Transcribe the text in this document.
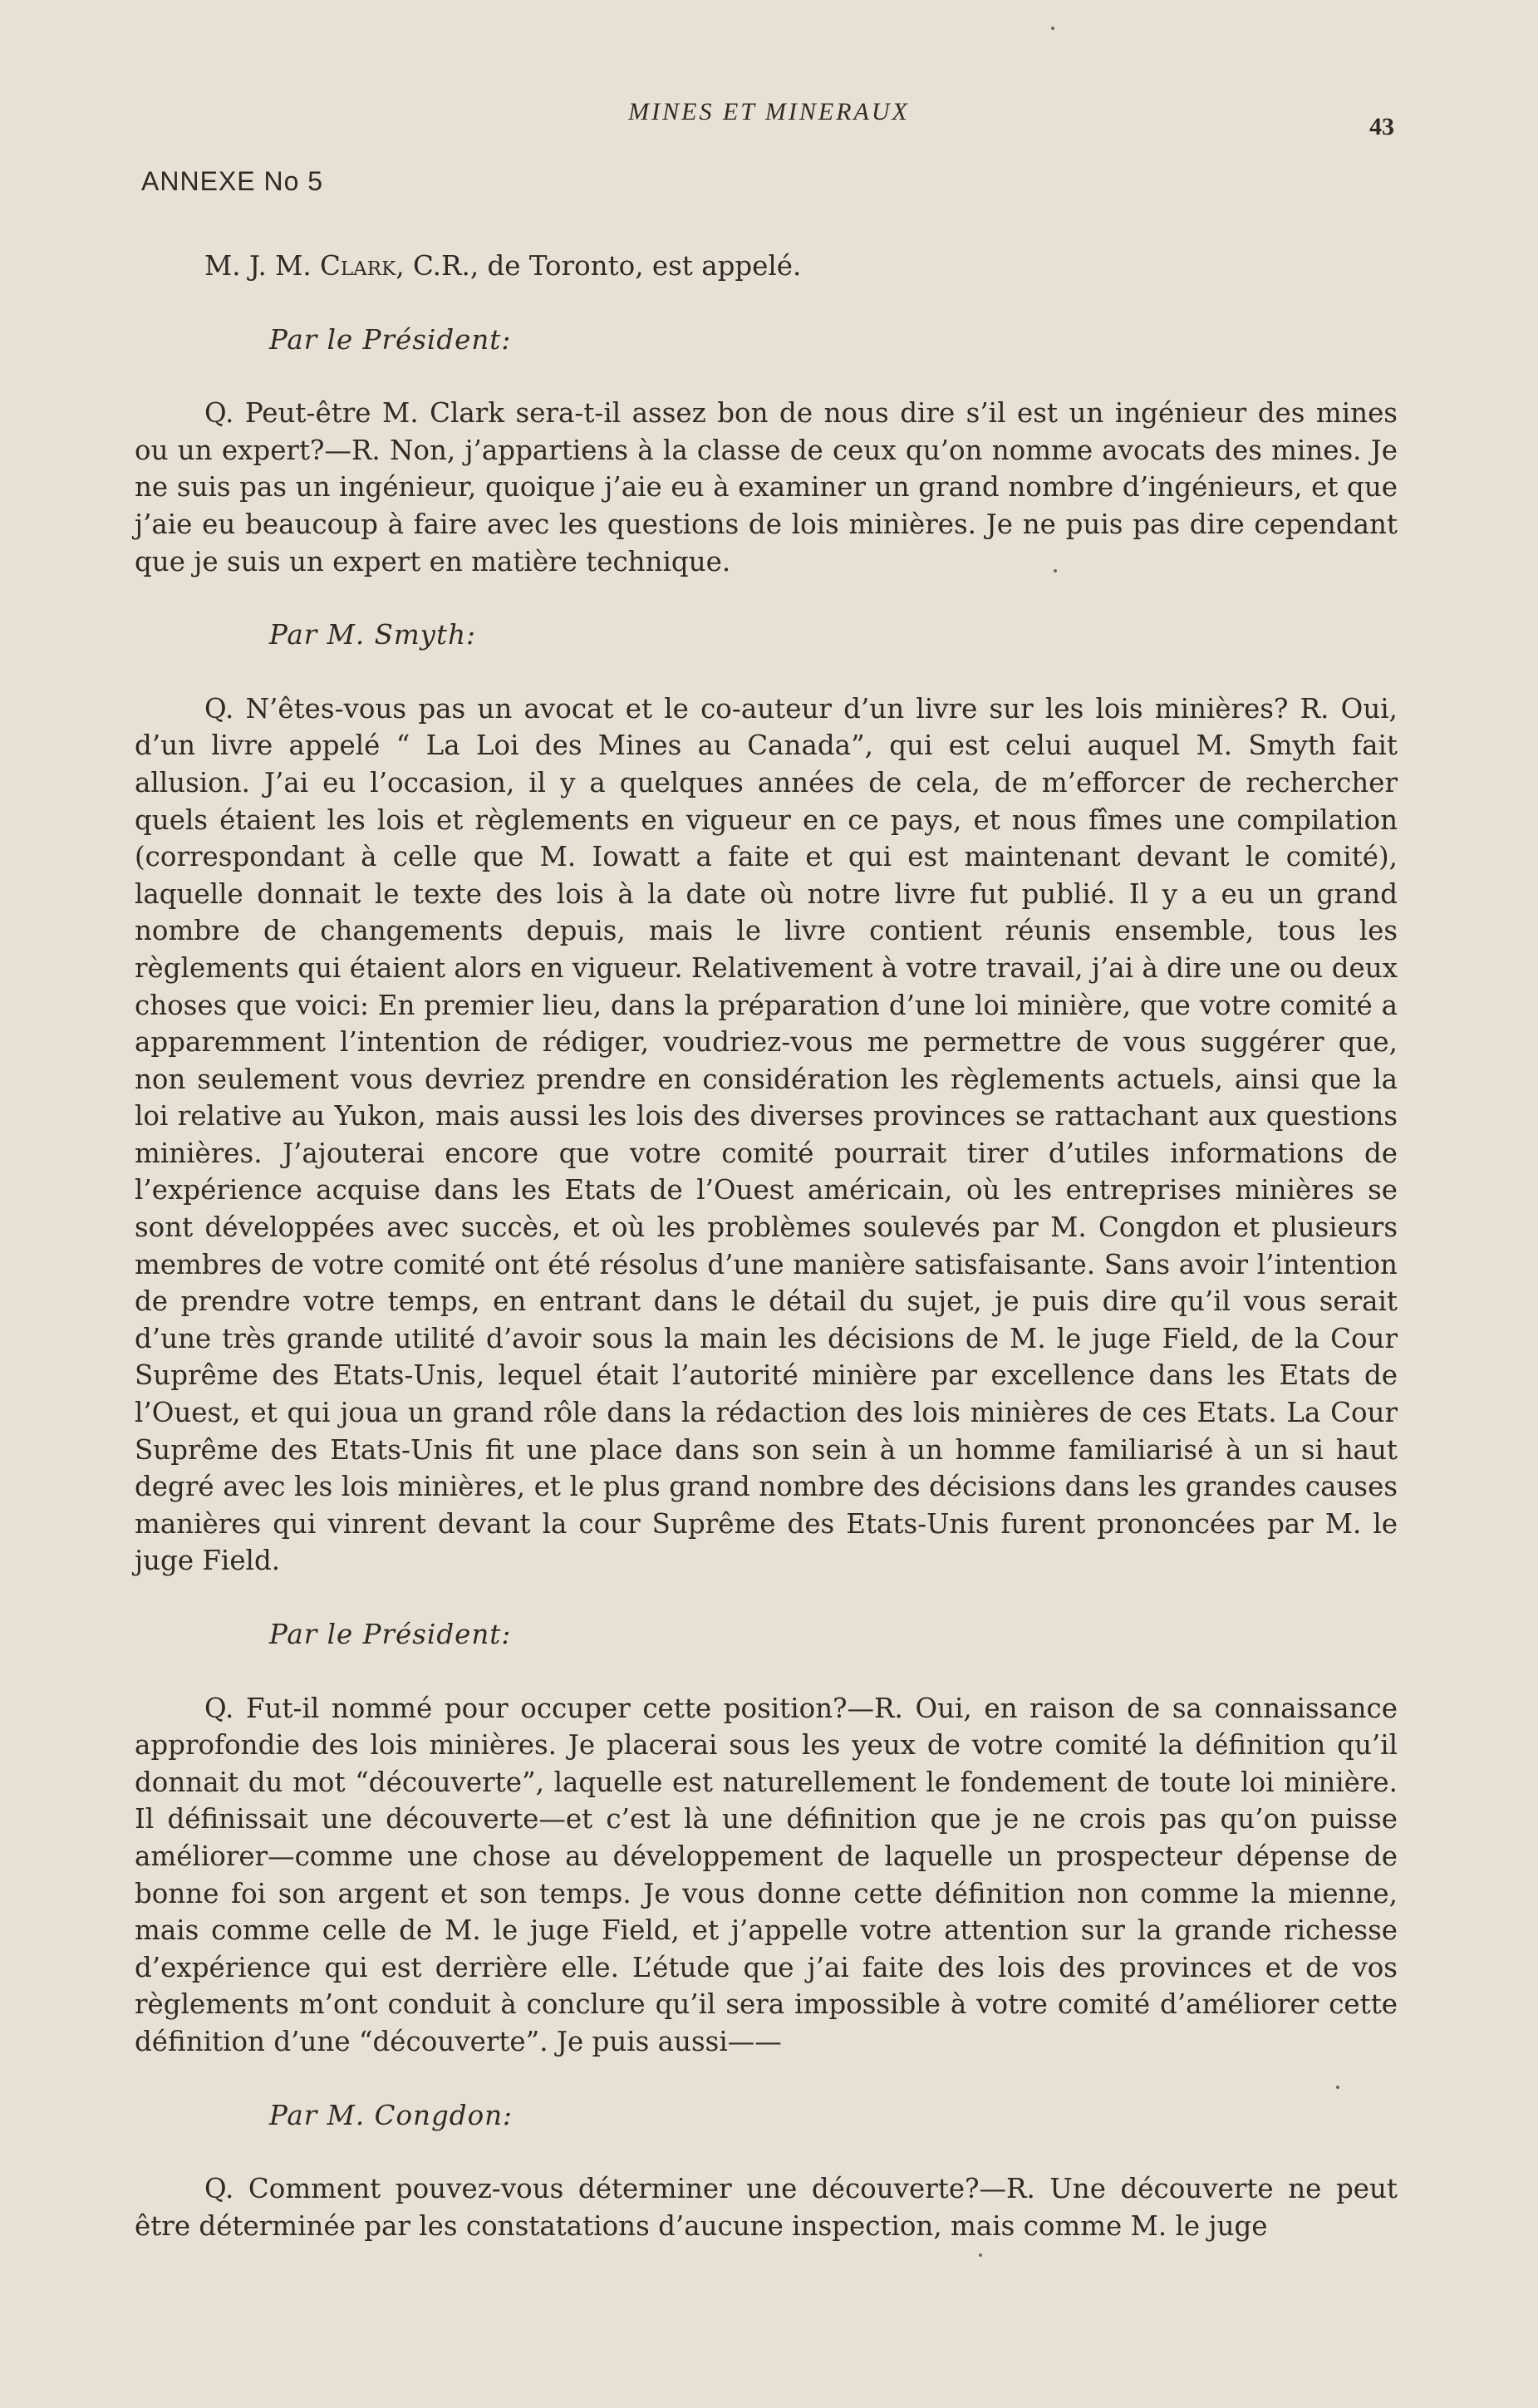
MINES ET MINERAUX
43
ANNEXE No 5

M. J. M. Clark, C.R., de Toronto, est appelé.

Par le Président:

Q. Peut-être M. Clark sera-t-il assez bon de nous dire s’il est un ingénieur des mines ou un expert?—R. Non, j’appartiens à la classe de ceux qu’on nomme avocats des mines. Je ne suis pas un ingénieur, quoique j’aie eu à examiner un grand nombre d’ingénieurs, et que j’aie eu beaucoup à faire avec les questions de lois minières. Je ne puis pas dire cependant que je suis un expert en matière technique.

Par M. Smyth:

Q. N’êtes-vous pas un avocat et le co-auteur d’un livre sur les lois minières? R. Oui, d’un livre appelé “ La Loi des Mines au Canada”, qui est celui auquel M. Smyth fait allusion. J’ai eu l’occasion, il y a quelques années de cela, de m’efforcer de rechercher quels étaient les lois et règlements en vigueur en ce pays, et nous fîmes une compilation (correspondant à celle que M. Iowatt a faite et qui est maintenant devant le comité), laquelle donnait le texte des lois à la date où notre livre fut publié. Il y a eu un grand nombre de changements depuis, mais le livre contient réunis ensemble, tous les règlements qui étaient alors en vigueur. Relativement à votre travail, j’ai à dire une ou deux choses que voici: En premier lieu, dans la préparation d’une loi minière, que votre comité a apparemment l’intention de rédiger, voudriez-vous me permettre de vous suggérer que, non seulement vous devriez prendre en considération les règlements actuels, ainsi que la loi relative au Yukon, mais aussi les lois des diverses provinces se rattachant aux questions minières. J’ajouterai encore que votre comité pourrait tirer d’utiles informations de l’expérience acquise dans les Etats de l’Ouest américain, où les entreprises minières se sont développées avec succès, et où les problèmes soulevés par M. Congdon et plusieurs membres de votre comité ont été résolus d’une manière satisfaisante. Sans avoir l’intention de prendre votre temps, en entrant dans le détail du sujet, je puis dire qu’il vous serait d’une très grande utilité d’avoir sous la main les décisions de M. le juge Field, de la Cour Suprême des Etats-Unis, lequel était l’autorité minière par excellence dans les Etats de l’Ouest, et qui joua un grand rôle dans la rédaction des lois minières de ces Etats. La Cour Suprême des Etats-Unis fit une place dans son sein à un homme familiarisé à un si haut degré avec les lois minières, et le plus grand nombre des décisions dans les grandes causes manières qui vinrent devant la cour Suprême des Etats-Unis furent prononcées par M. le juge Field.

Par le Président:

Q. Fut-il nommé pour occuper cette position?—R. Oui, en raison de sa connaissance approfondie des lois minières. Je placerai sous les yeux de votre comité la définition qu’il donnait du mot “découverte”, laquelle est naturellement le fondement de toute loi minière. Il définissait une découverte—et c’est là une définition que je ne crois pas qu’on puisse améliorer—comme une chose au développement de laquelle un prospecteur dépense de bonne foi son argent et son temps. Je vous donne cette définition non comme la mienne, mais comme celle de M. le juge Field, et j’appelle votre attention sur la grande richesse d’expérience qui est derrière elle. L’étude que j’ai faite des lois des provinces et de vos règlements m’ont conduit à conclure qu’il sera impossible à votre comité d’améliorer cette définition d’une “découverte”. Je puis aussi——

Par M. Congdon:

Q. Comment pouvez-vous déterminer une découverte?—R. Une découverte ne peut être déterminée par les constatations d’aucune inspection, mais comme M. le juge
